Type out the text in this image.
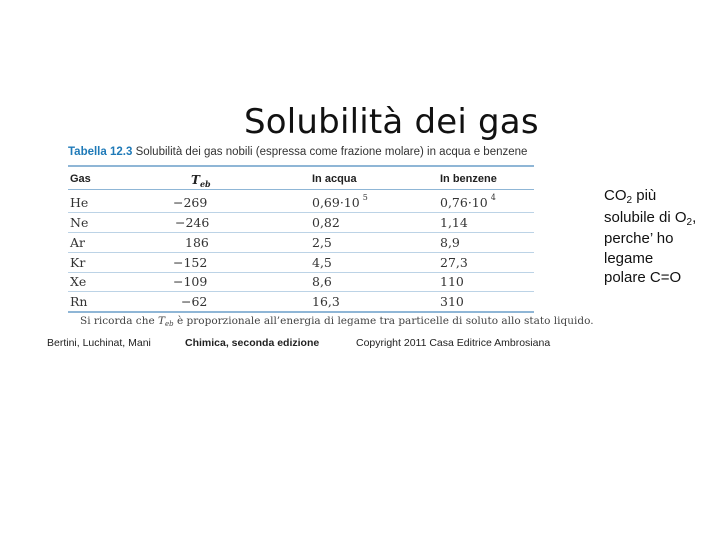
Solubilità dei gas
Tabella 12.3 Solubilità dei gas nobili (espressa come frazione molare) in acqua e benzene
Gas	$T_{eb}$	In acqua	In benzene
He	−269	0,69·10 $^5$	0,76·10 $^4$
Ne	−246	0,82	1,14
Ar	186	2,5	8,9
Kr	−152	4,5	27,3
Xe	−109	8,6	110
Rn	−62	16,3	310
Si ricorda che Teb è proporzionale all’energia di legame tra particelle di soluto allo stato liquido.
Bertini, Luchinat, Mani	Chimica, seconda edizione	Copyright 2011 Casa Editrice Ambrosiana
$CO_2$ più
solubile di $O_2$,
perche’ ho
legame
polare C=O
